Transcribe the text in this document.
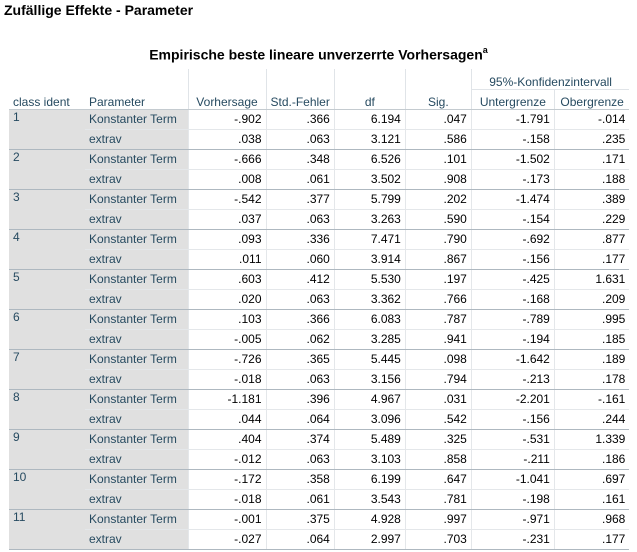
Zufällige Effekte - Parameter
Empirische beste lineare unverzerrte Vorhersagen$^a$
						95%-Konfidenzintervall	
class ident	Parameter	Vorhersage	Std.-Fehler	df	Sig.	Untergrenze	Obergrenze
1	Konstanter Term	-.902	.366	6.194	.047	-1.791	-.014
	extrav	.038	.063	3.121	.586	-.158	.235
2	Konstanter Term	-.666	.348	6.526	.101	-1.502	.171
	extrav	.008	.061	3.502	.908	-.173	.188
3	Konstanter Term	-.542	.377	5.799	.202	-1.474	.389
	extrav	.037	.063	3.263	.590	-.154	.229
4	Konstanter Term	.093	.336	7.471	.790	-.692	.877
	extrav	.011	.060	3.914	.867	-.156	.177
5	Konstanter Term	.603	.412	5.530	.197	-.425	1.631
	extrav	.020	.063	3.362	.766	-.168	.209
6	Konstanter Term	.103	.366	6.083	.787	-.789	.995
	extrav	-.005	.062	3.285	.941	-.194	.185
7	Konstanter Term	-.726	.365	5.445	.098	-1.642	.189
	extrav	-.018	.063	3.156	.794	-.213	.178
8	Konstanter Term	-1.181	.396	4.967	.031	-2.201	-.161
	extrav	.044	.064	3.096	.542	-.156	.244
9	Konstanter Term	.404	.374	5.489	.325	-.531	1.339
	extrav	-.012	.063	3.103	.858	-.211	.186
10	Konstanter Term	-.172	.358	6.199	.647	-1.041	.697
	extrav	-.018	.061	3.543	.781	-.198	.161
11	Konstanter Term	-.001	.375	4.928	.997	-.971	.968
	extrav	-.027	.064	2.997	.703	-.231	.177
